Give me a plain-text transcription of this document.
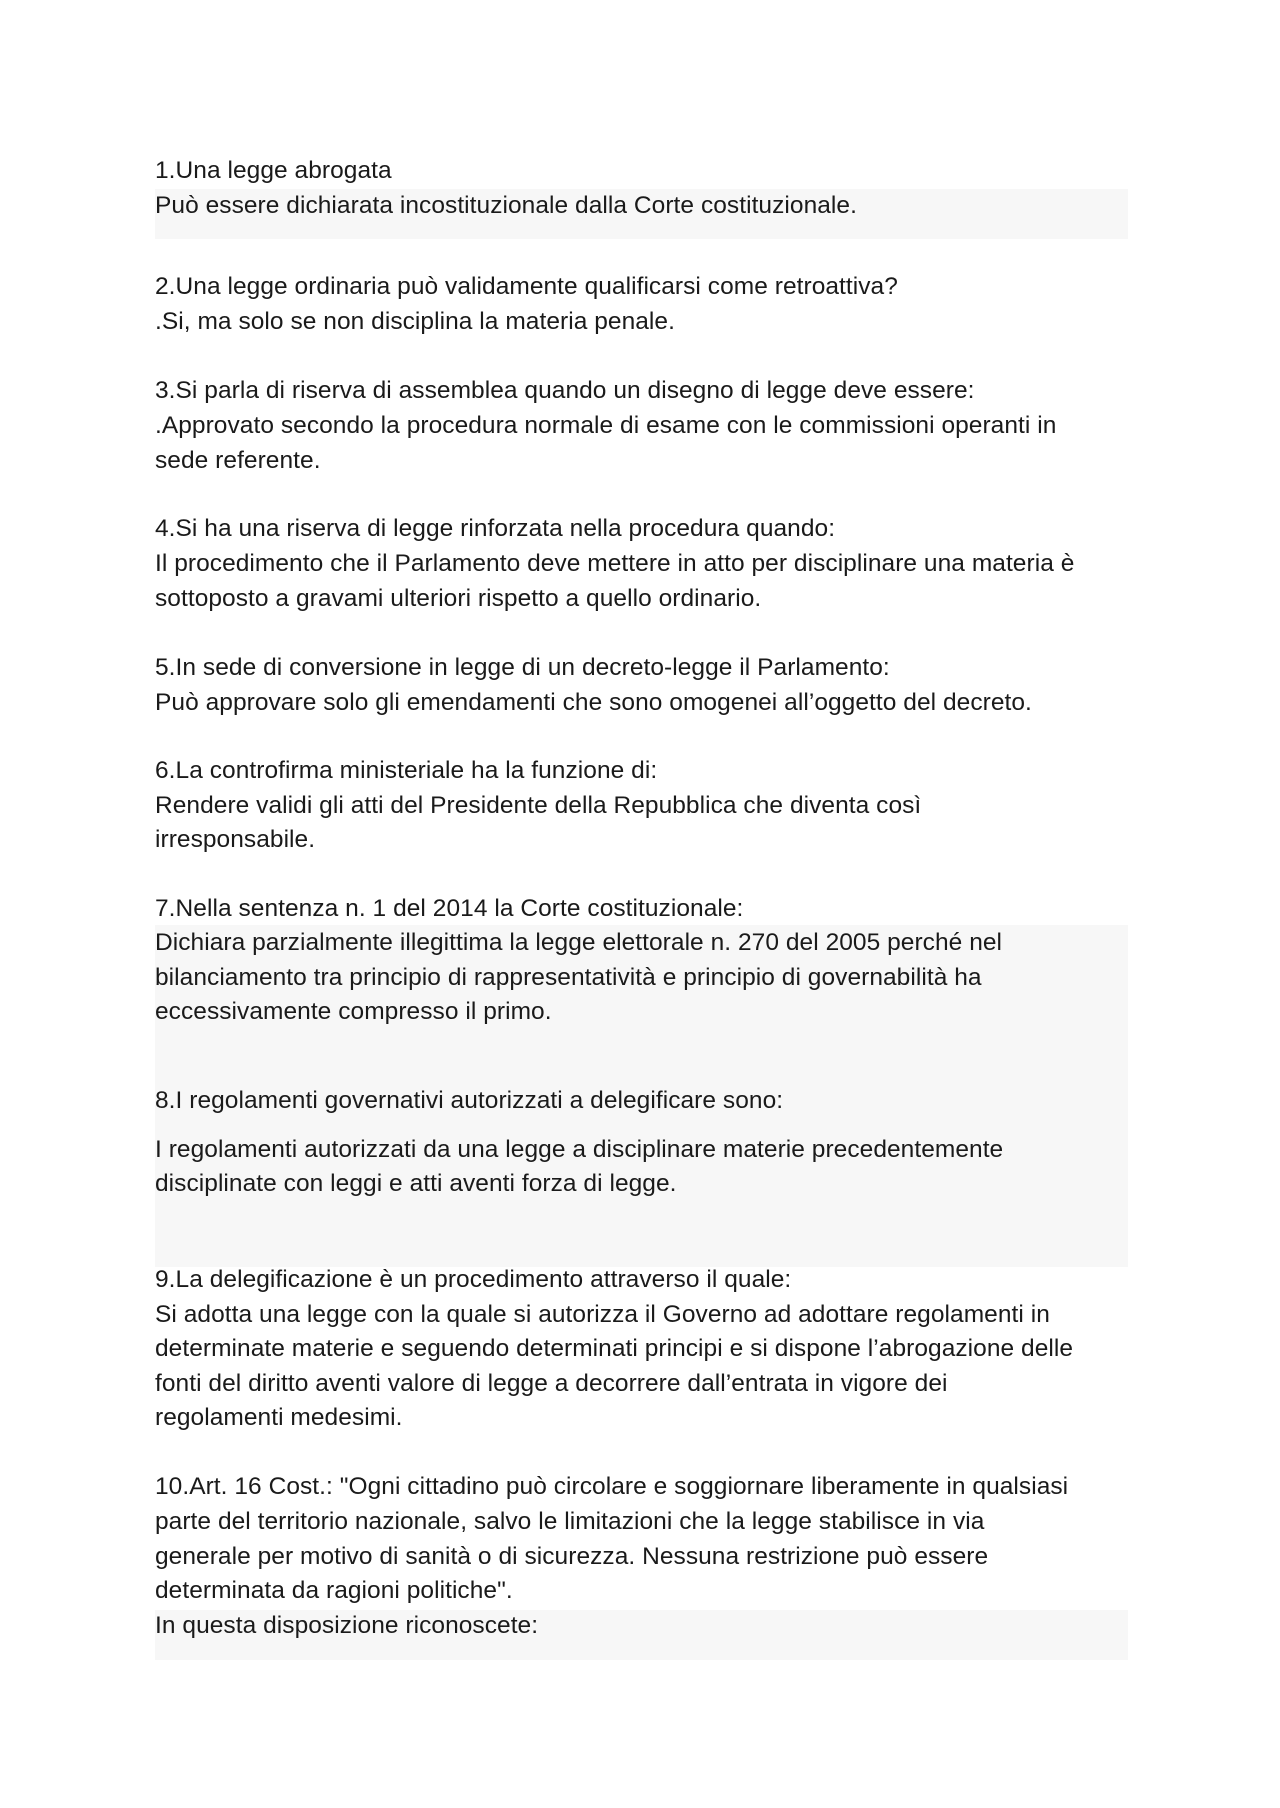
1.Una legge abrogata
Può essere dichiarata incostituzionale dalla Corte costituzionale.
2.Una legge ordinaria può validamente qualificarsi come retroattiva?
.Si, ma solo se non disciplina la materia penale.
3.Si parla di riserva di assemblea quando un disegno di legge deve essere:
.Approvato secondo la procedura normale di esame con le commissioni operanti in
sede referente.
4.Si ha una riserva di legge rinforzata nella procedura quando:
Il procedimento che il Parlamento deve mettere in atto per disciplinare una materia è
sottoposto a gravami ulteriori rispetto a quello ordinario.
5.In sede di conversione in legge di un decreto-legge il Parlamento:
Può approvare solo gli emendamenti che sono omogenei all’oggetto del decreto.
6.La controfirma ministeriale ha la funzione di:
Rendere validi gli atti del Presidente della Repubblica che diventa così
irresponsabile.
7.Nella sentenza n. 1 del 2014 la Corte costituzionale:
Dichiara parzialmente illegittima la legge elettorale n. 270 del 2005 perché nel
bilanciamento tra principio di rappresentatività e principio di governabilità ha
eccessivamente compresso il primo.
8.I regolamenti governativi autorizzati a delegificare sono:
I regolamenti autorizzati da una legge a disciplinare materie precedentemente
disciplinate con leggi e atti aventi forza di legge.
9.La delegificazione è un procedimento attraverso il quale:
Si adotta una legge con la quale si autorizza il Governo ad adottare regolamenti in
determinate materie e seguendo determinati principi e si dispone l’abrogazione delle
fonti del diritto aventi valore di legge a decorrere dall’entrata in vigore dei
regolamenti medesimi.
10.Art. 16 Cost.: "Ogni cittadino può circolare e soggiornare liberamente in qualsiasi
parte del territorio nazionale, salvo le limitazioni che la legge stabilisce in via
generale per motivo di sanità o di sicurezza. Nessuna restrizione può essere
determinata da ragioni politiche".
In questa disposizione riconoscete:
